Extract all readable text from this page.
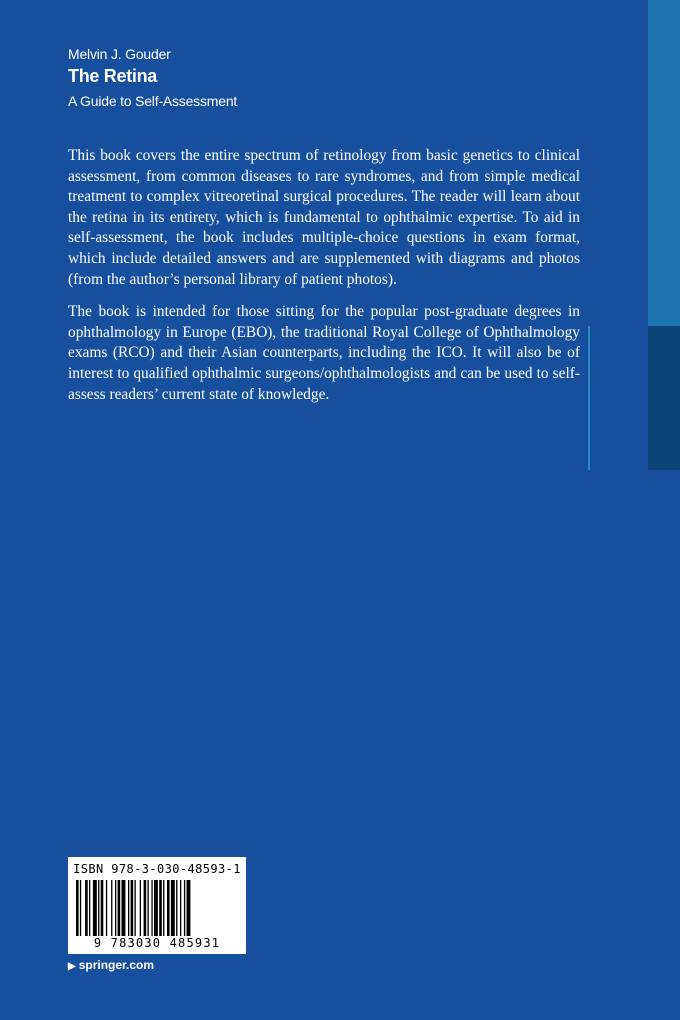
Melvin J. Gouder
The Retina
A Guide to Self-Assessment

This book covers the entire spectrum of retinology from basic genetics to clinical assessment, from common diseases to rare syndromes, and from simple medical treatment to complex vitreoretinal surgical procedures. The reader will learn about the retina in its entirety, which is fundamental to ophthalmic expertise. To aid in self-assessment, the book includes multiple-choice questions in exam format, which include detailed answers and are supplemented with diagrams and photos (from the author’s personal library of patient photos).

The book is intended for those sitting for the popular post-graduate degrees in ophthalmology in Europe (EBO), the traditional Royal College of Ophthalmology exams (RCO) and their Asian counterparts, including the ICO. It will also be of interest to qualified ophthalmic surgeons/ophthalmologists and can be used to self-assess readers’ current state of knowledge.

ISBN 978-3-030-48593-1
9 783030 485931
▶ springer.com
